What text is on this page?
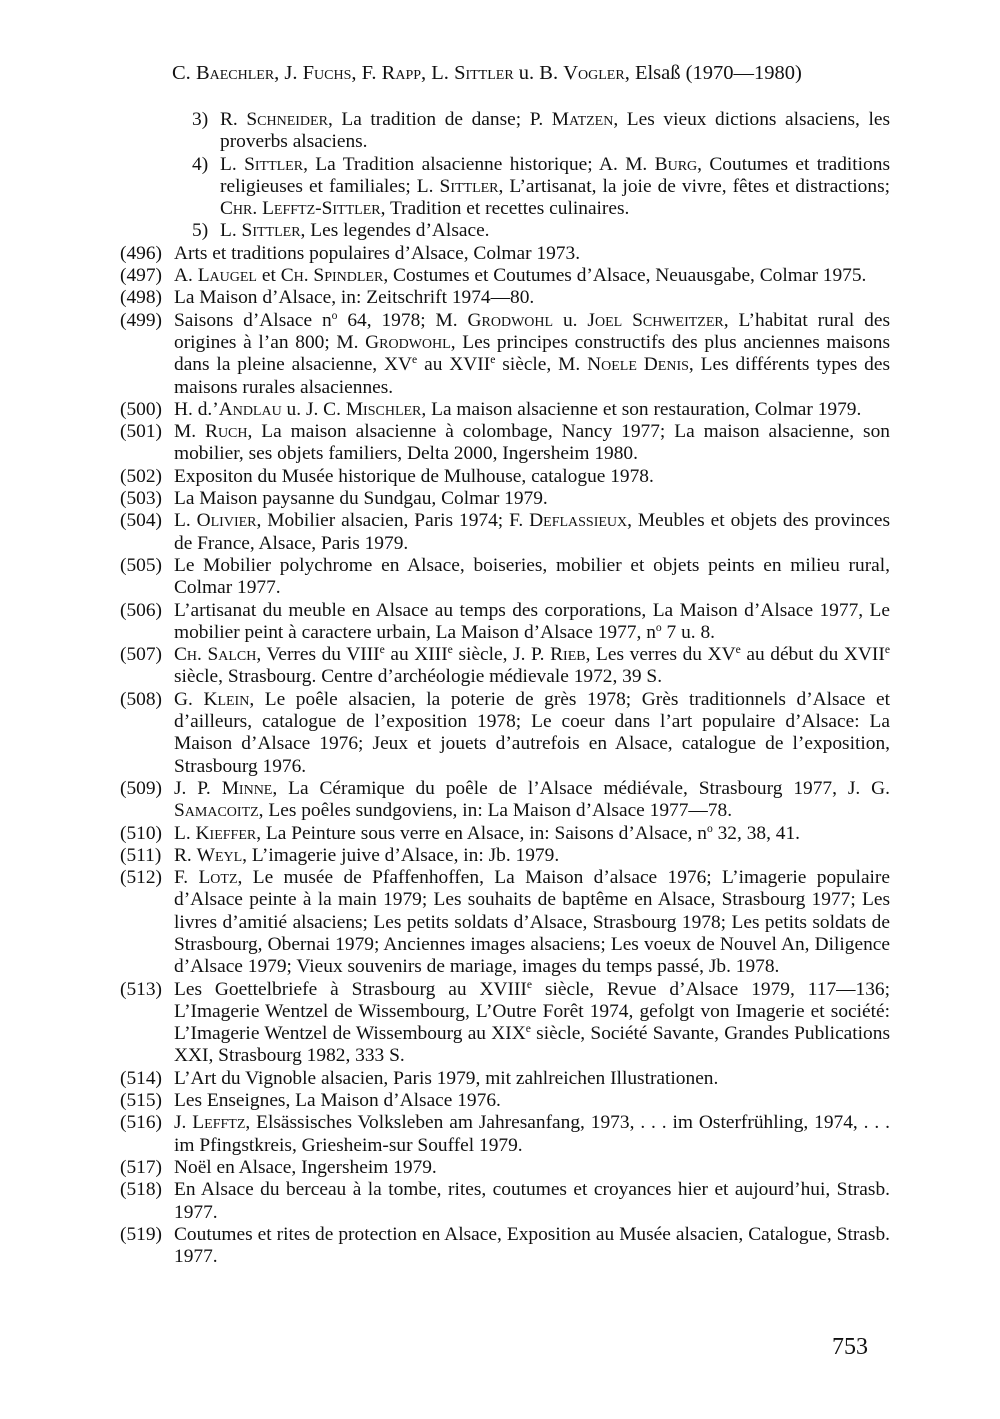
C. Baechler, J. Fuchs, F. Rapp, L. Sittler u. B. Vogler, Elsaß (1970—1980)
3) R. Schneider, La tradition de danse; P. Matzen, Les vieux dictions alsaciens, les proverbs alsaciens.
4) L. Sittler, La Tradition alsacienne historique; A. M. Burg, Coutumes et traditions religieuses et familiales; L. Sittler, L’artisanat, la joie de vivre, fêtes et distractions; Chr. Lefftz-Sittler, Tradition et recettes culinaires.
5) L. Sittler, Les legendes d’Alsace.
(496) Arts et traditions populaires d’Alsace, Colmar 1973.
(497) A. Laugel et Ch. Spindler, Costumes et Coutumes d’Alsace, Neuausgabe, Colmar 1975.
(498) La Maison d’Alsace, in: Zeitschrift 1974—80.
(499) Saisons d’Alsace $n^o$ 64, 1978; M. Grodwohl u. Joel Schweitzer, L’habitat rural des origines à l’an 800; M. Grodwohl, Les principes constructifs des plus anciennes maisons dans la pleine alsacienne, XVe au XVIIe siècle, M. Noele Denis, Les différents types des maisons rurales alsaciennes.
(500) H. d.’Andlau u. J. C. Mischler, La maison alsacienne et son restauration, Colmar 1979.
(501) M. Ruch, La maison alsacienne à colombage, Nancy 1977; La maison alsacienne, son mobilier, ses objets familiers, Delta 2000, Ingersheim 1980.
(502) Expositon du Musée historique de Mulhouse, catalogue 1978.
(503) La Maison paysanne du Sundgau, Colmar 1979.
(504) L. Olivier, Mobilier alsacien, Paris 1974; F. Deflassieux, Meubles et objets des provinces de France, Alsace, Paris 1979.
(505) Le Mobilier polychrome en Alsace, boiseries, mobilier et objets peints en milieu rural, Colmar 1977.
(506) L’artisanat du meuble en Alsace au temps des corporations, La Maison d’Alsace 1977, Le mobilier peint à caractere urbain, La Maison d’Alsace 1977, $n^o$ 7 u. 8.
(507) Ch. Salch, Verres du VIIIe au XIIIe siècle, J. P. Rieb, Les verres du XVe au début du XVIIe siècle, Strasbourg. Centre d’archéologie médievale 1972, 39 S.
(508) G. Klein, Le poêle alsacien, la poterie de grès 1978; Grès traditionnels d’Alsace et d’ailleurs, catalogue de l’exposition 1978; Le coeur dans l’art populaire d’Alsace: La Maison d’Alsace 1976; Jeux et jouets d’autrefois en Alsace, catalogue de l’exposition, Strasbourg 1976.
(509) J. P. Minne, La Céramique du poêle de l’Alsace médiévale, Strasbourg 1977, J. G. Samacoitz, Les poêles sundgoviens, in: La Maison d’Alsace 1977—78.
(510) L. Kieffer, La Peinture sous verre en Alsace, in: Saisons d’Alsace, $n^o$ 32, 38, 41.
(511) R. Weyl, L’imagerie juive d’Alsace, in: Jb. 1979.
(512) F. Lotz, Le musée de Pfaffenhoffen, La Maison d’alsace 1976; L’imagerie populaire d’Alsace peinte à la main 1979; Les souhaits de baptême en Alsace, Strasbourg 1977; Les livres d’amitié alsaciens; Les petits soldats d’Alsace, Strasbourg 1978; Les petits soldats de Strasbourg, Obernai 1979; Anciennes images alsaciens; Les voeux de Nouvel An, Diligence d’Alsace 1979; Vieux souvenirs de mariage, images du temps passé, Jb. 1978.
(513) Les Goettelbriefe à Strasbourg au XVIIIe siècle, Revue d’Alsace 1979, 117—136; L’Imagerie Wentzel de Wissembourg, L’Outre Forêt 1974, gefolgt von Imagerie et société: L’Imagerie Wentzel de Wissembourg au XIXe siècle, Société Savante, Grandes Publications XXI, Strasbourg 1982, 333 S.
(514) L’Art du Vignoble alsacien, Paris 1979, mit zahlreichen Illustrationen.
(515) Les Enseignes, La Maison d’Alsace 1976.
(516) J. Lefftz, Elsässisches Volksleben am Jahresanfang, 1973, . . . im Osterfrühling, 1974, . . . im Pfingstkreis, Griesheim-sur Souffel 1979.
(517) Noël en Alsace, Ingersheim 1979.
(518) En Alsace du berceau à la tombe, rites, coutumes et croyances hier et aujourd’hui, Strasb. 1977.
(519) Coutumes et rites de protection en Alsace, Exposition au Musée alsacien, Catalogue, Strasb. 1977.
753
